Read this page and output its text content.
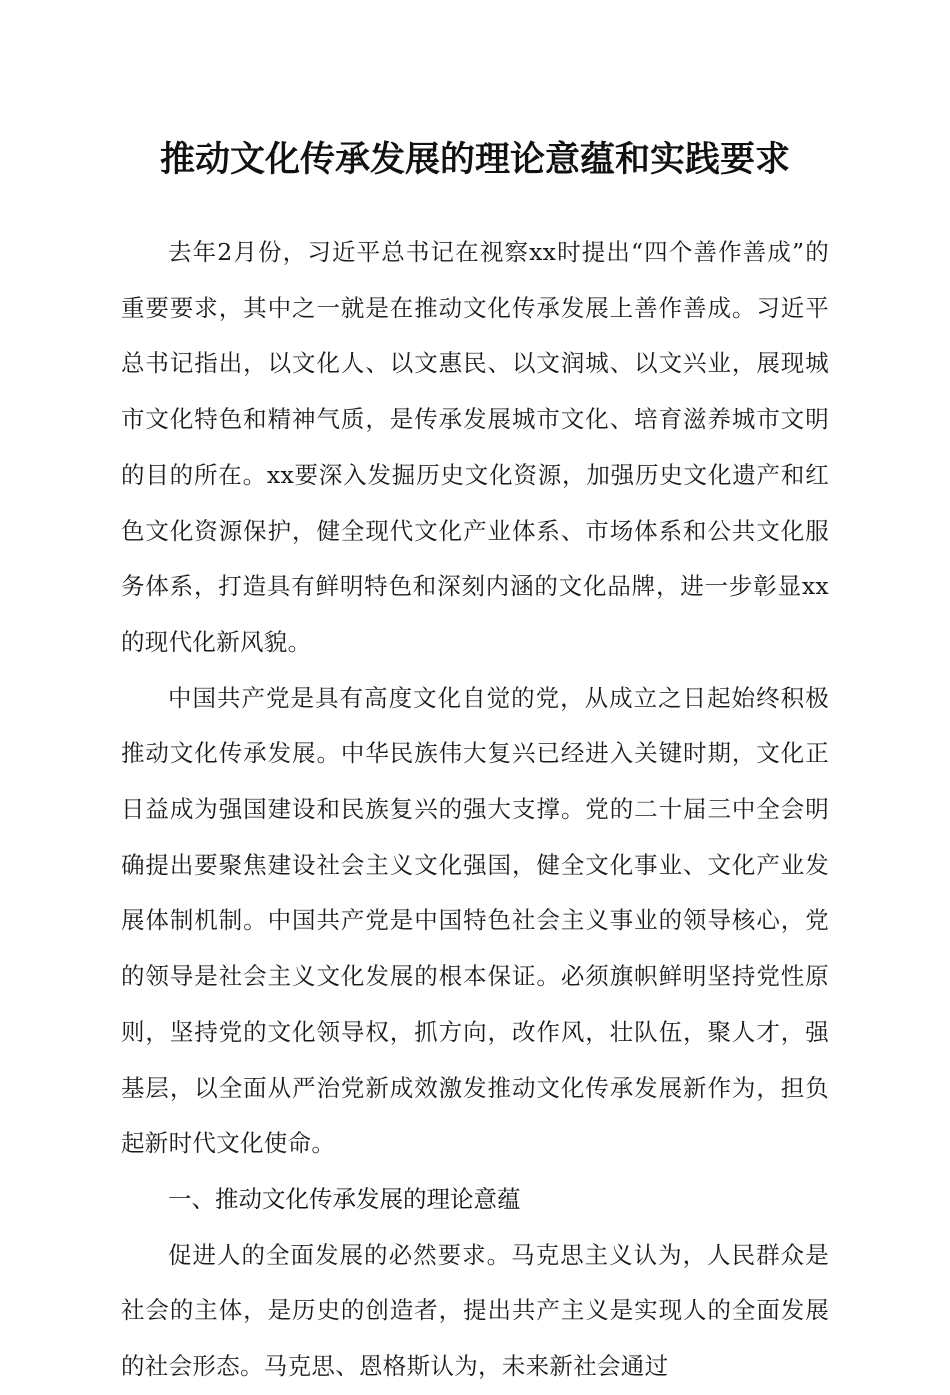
推动文化传承发展的理论意蕴和实践要求

去年2月份，习近平总书记在视察xx时提出“四个善作善成”的重要要求，其中之一就是在推动文化传承发展上善作善成。习近平总书记指出，以文化人、以文惠民、以文润城、以文兴业，展现城市文化特色和精神气质，是传承发展城市文化、培育滋养城市文明的目的所在。xx要深入发掘历史文化资源，加强历史文化遗产和红色文化资源保护，健全现代文化产业体系、市场体系和公共文化服务体系，打造具有鲜明特色和深刻内涵的文化品牌，进一步彰显xx的现代化新风貌。

中国共产党是具有高度文化自觉的党，从成立之日起始终积极推动文化传承发展。中华民族伟大复兴已经进入关键时期，文化正日益成为强国建设和民族复兴的强大支撑。党的二十届三中全会明确提出要聚焦建设社会主义文化强国，健全文化事业、文化产业发展体制机制。中国共产党是中国特色社会主义事业的领导核心，党的领导是社会主义文化发展的根本保证。必须旗帜鲜明坚持党性原则，坚持党的文化领导权，抓方向，改作风，壮队伍，聚人才，强基层，以全面从严治党新成效激发推动文化传承发展新作为，担负起新时代文化使命。

一、推动文化传承发展的理论意蕴

促进人的全面发展的必然要求。马克思主义认为，人民群众是社会的主体，是历史的创造者，提出共产主义是实现人的全面发展的社会形态。马克思、恩格斯认为，未来新社会通过
